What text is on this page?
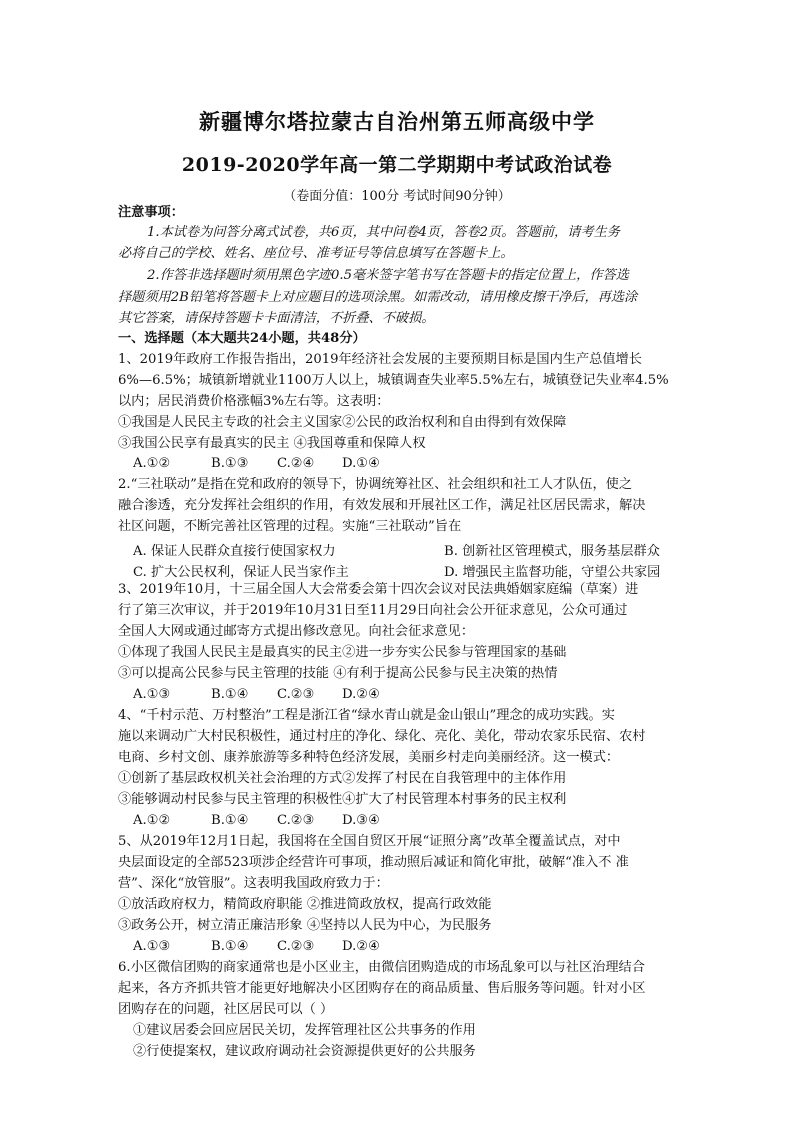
新疆博尔塔拉蒙古自治州第五师高级中学
2019-2020学年高一第二学期期中考试政治试卷
（卷面分值：100分 考试时间90分钟）
注意事项：
1.本试卷为问答分离式试卷，共6页，其中问卷4页，答卷2页。答题前，请考生务
必将自己的学校、姓名、座位号、准考证号等信息填写在答题卡上。
2.作答非选择题时须用黑色字迹0.5毫米签字笔书写在答题卡的指定位置上，作答选
择题须用2B铅笔将答题卡上对应题目的选项涂黑。如需改动，请用橡皮擦干净后，再选涂
其它答案，请保持答题卡卡面清洁，不折叠、不破损。
一、选择题（本大题共24小题，共48分）
1、2019年政府工作报告指出，2019年经济社会发展的主要预期目标是国内生产总值增长
6%—6.5%；城镇新增就业1100万人以上，城镇调查失业率5.5%左右，城镇登记失业率4.5%
以内；居民消费价格涨幅3%左右等。这表明：
①我国是人民民主专政的社会主义国家②公民的政治权利和自由得到有效保障
③我国公民享有最真实的民主 ④我国尊重和保障人权
A.①②	B.①③ C.②④ D.①④
2.“三社联动”是指在党和政府的领导下，协调统筹社区、社会组织和社工人才队伍，使之
融合渗透，充分发挥社会组织的作用，有效发展和开展社区工作，满足社区居民需求，解决
社区问题，不断完善社区管理的过程。实施“三社联动”旨在
A. 保证人民群众直接行使国家权力	B. 创新社区管理模式，服务基层群众
C. 扩大公民权利，保证人民当家作主	D. 增强民主监督功能，守望公共家园
3、2019年10月，十三届全国人大会常委会第十四次会议对民法典婚姻家庭编（草案）进
行了第三次审议，并于2019年10月31日至11月29日向社会公开征求意见，公众可通过
全国人大网或通过邮寄方式提出修改意见。向社会征求意见：
①体现了我国人民民主是最真实的民主②进一步夯实公民参与管理国家的基础
③可以提高公民参与民主管理的技能 ④有利于提高公民参与民主决策的热情
A.①③	B.①④ C.②③ D.②④
4、“千村示范、万村整治”工程是浙江省“绿水青山就是金山银山”理念的成功实践。实
施以来调动广大村民积极性，通过村庄的净化、绿化、亮化、美化，带动农家乐民宿、农村
电商、乡村文创、康养旅游等多种特色经济发展，美丽乡村走向美丽经济。这一模式：
①创新了基层政权机关社会治理的方式②发挥了村民在自我管理中的主体作用
③能够调动村民参与民主管理的积极性④扩大了村民管理本村事务的民主权利
A.①②	B.①④ C.②③ D.③④
5、从2019年12月1日起，我国将在全国自贸区开展“证照分离”改革全覆盖试点，对中
央层面设定的全部523项涉企经营许可事项，推动照后减证和简化审批，破解“准入不 准
营”、深化“放管服”。这表明我国政府致力于：
①放活政府权力，精简政府职能 ②推进简政放权，提高行政效能
③政务公开，树立清正廉洁形象 ④坚持以人民为中心，为民服务
A.①③	B.①④ C.②③ D.②④
6.小区微信团购的商家通常也是小区业主，由微信团购造成的市场乱象可以与社区治理结合
起来，各方齐抓共管才能更好地解决小区团购存在的商品质量、售后服务等问题。针对小区
团购存在的问题，社区居民可以（ ）
①建议居委会回应居民关切，发挥管理社区公共事务的作用
②行使提案权，建议政府调动社会资源提供更好的公共服务
